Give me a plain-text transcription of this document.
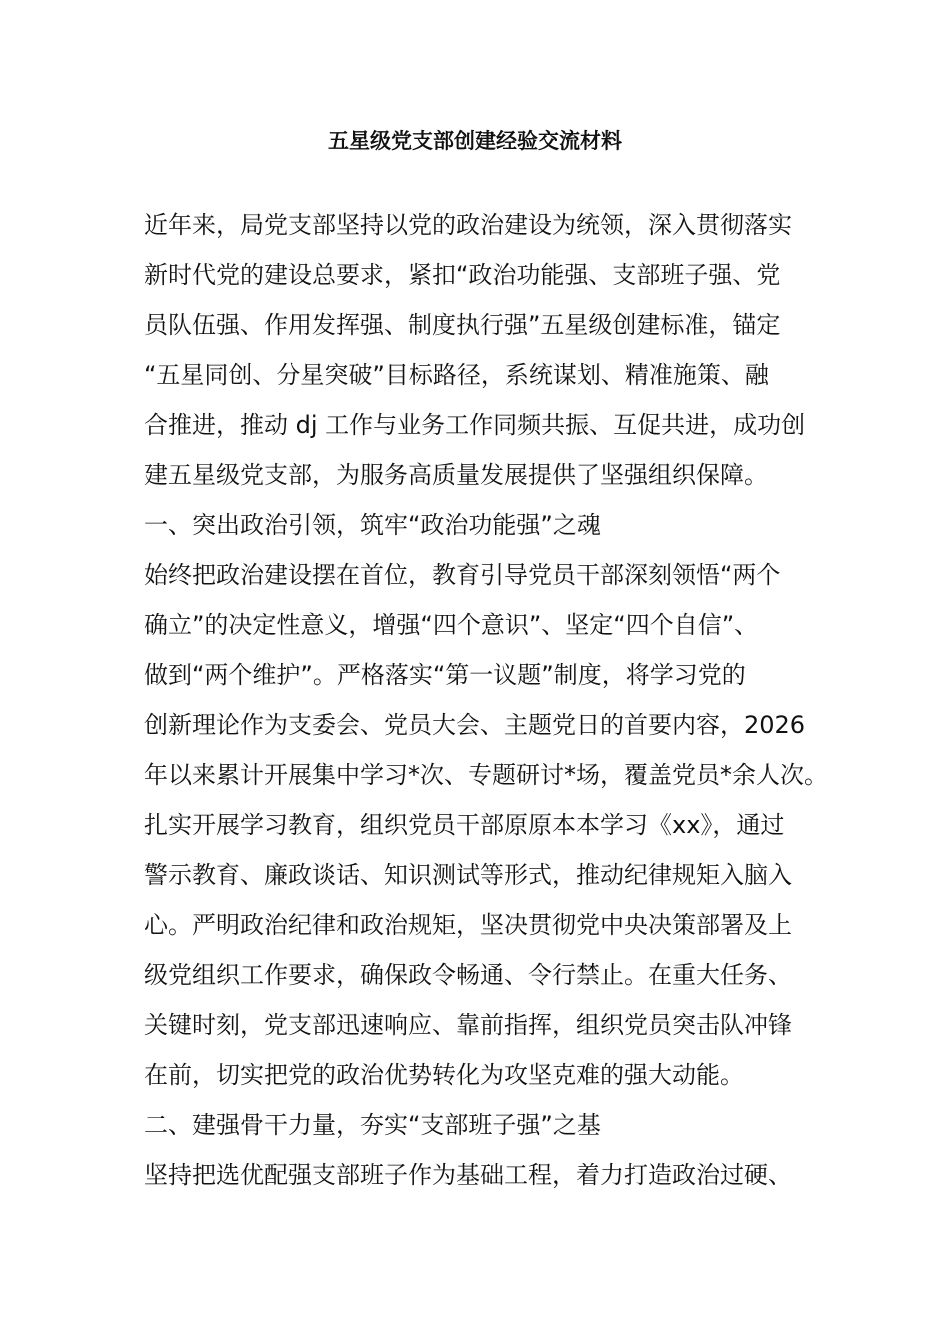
五星级党支部创建经验交流材料
近年来，局党支部坚持以党的政治建设为统领，深入贯彻落实
新时代党的建设总要求，紧扣“政治功能强、支部班子强、党
员队伍强、作用发挥强、制度执行强”五星级创建标准，锚定
“五星同创、分星突破”目标路径，系统谋划、精准施策、融
合推进，推动 dj 工作与业务工作同频共振、互促共进，成功创
建五星级党支部，为服务高质量发展提供了坚强组织保障。
一、突出政治引领，筑牢“政治功能强”之魂
始终把政治建设摆在首位，教育引导党员干部深刻领悟“两个
确立”的决定性意义，增强“四个意识”、坚定“四个自信”、
做到“两个维护”。严格落实“第一议题”制度，将学习党的
创新理论作为支委会、党员大会、主题党日的首要内容，2026
年以来累计开展集中学习*次、专题研讨*场，覆盖党员*余人次。
扎实开展学习教育，组织党员干部原原本本学习《xx》，通过
警示教育、廉政谈话、知识测试等形式，推动纪律规矩入脑入
心。严明政治纪律和政治规矩，坚决贯彻党中央决策部署及上
级党组织工作要求，确保政令畅通、令行禁止。在重大任务、
关键时刻，党支部迅速响应、靠前指挥，组织党员突击队冲锋
在前，切实把党的政治优势转化为攻坚克难的强大动能。
二、建强骨干力量，夯实“支部班子强”之基
坚持把选优配强支部班子作为基础工程，着力打造政治过硬、
